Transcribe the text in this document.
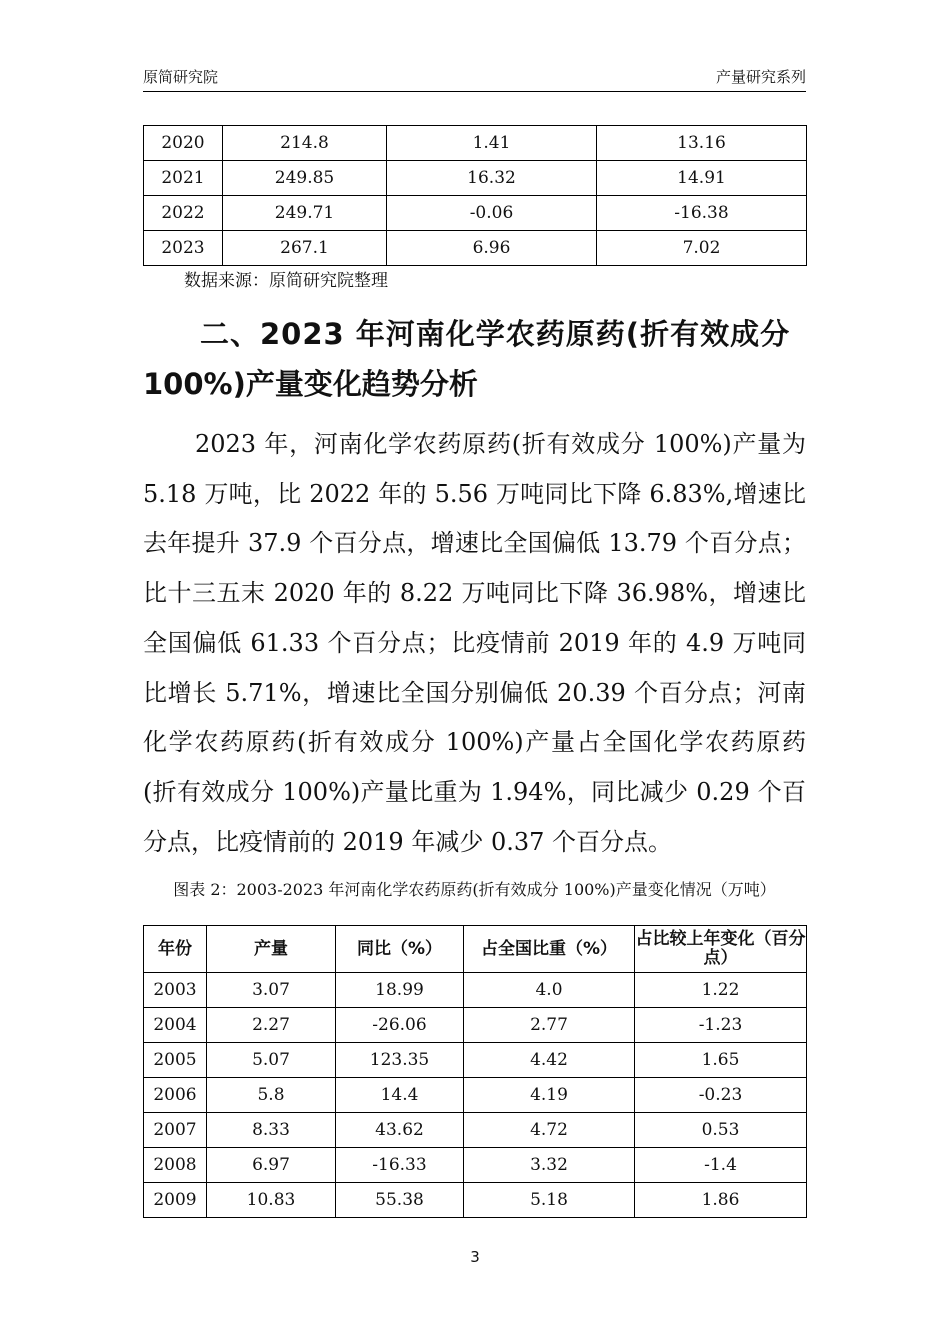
原简研究院	产量研究系列
2020	214.8	1.41	13.16
2021	249.85	16.32	14.91
2022	249.71	-0.06	-16.38
2023	267.1	6.96	7.02
数据来源：原简研究院整理
二、2023 年河南化学农药原药(折有效成分
100%)产量变化趋势分析
2023 年，河南化学农药原药(折有效成分 100%)产量为
5.18 万吨，比 2022 年的 5.56 万吨同比下降 6.83%,增速比
去年提升 37.9 个百分点，增速比全国偏低 13.79 个百分点；
比十三五末 2020 年的 8.22 万吨同比下降 36.98%，增速比
全国偏低 61.33 个百分点；比疫情前 2019 年的 4.9 万吨同
比增长 5.71%，增速比全国分别偏低 20.39 个百分点；河南
化学农药原药(折有效成分 100%)产量占全国化学农药原药
(折有效成分 100%)产量比重为 1.94%，同比减少 0.29 个百
分点，比疫情前的 2019 年减少 0.37 个百分点。
图表 2：2003-2023 年河南化学农药原药(折有效成分 100%)产量变化情况（万吨）
年份	产量	同比（%）	占全国比重（%）	占比较上年变化（百分点）
2003	3.07	18.99	4.0	1.22
2004	2.27	-26.06	2.77	-1.23
2005	5.07	123.35	4.42	1.65
2006	5.8	14.4	4.19	-0.23
2007	8.33	43.62	4.72	0.53
2008	6.97	-16.33	3.32	-1.4
2009	10.83	55.38	5.18	1.86
3
